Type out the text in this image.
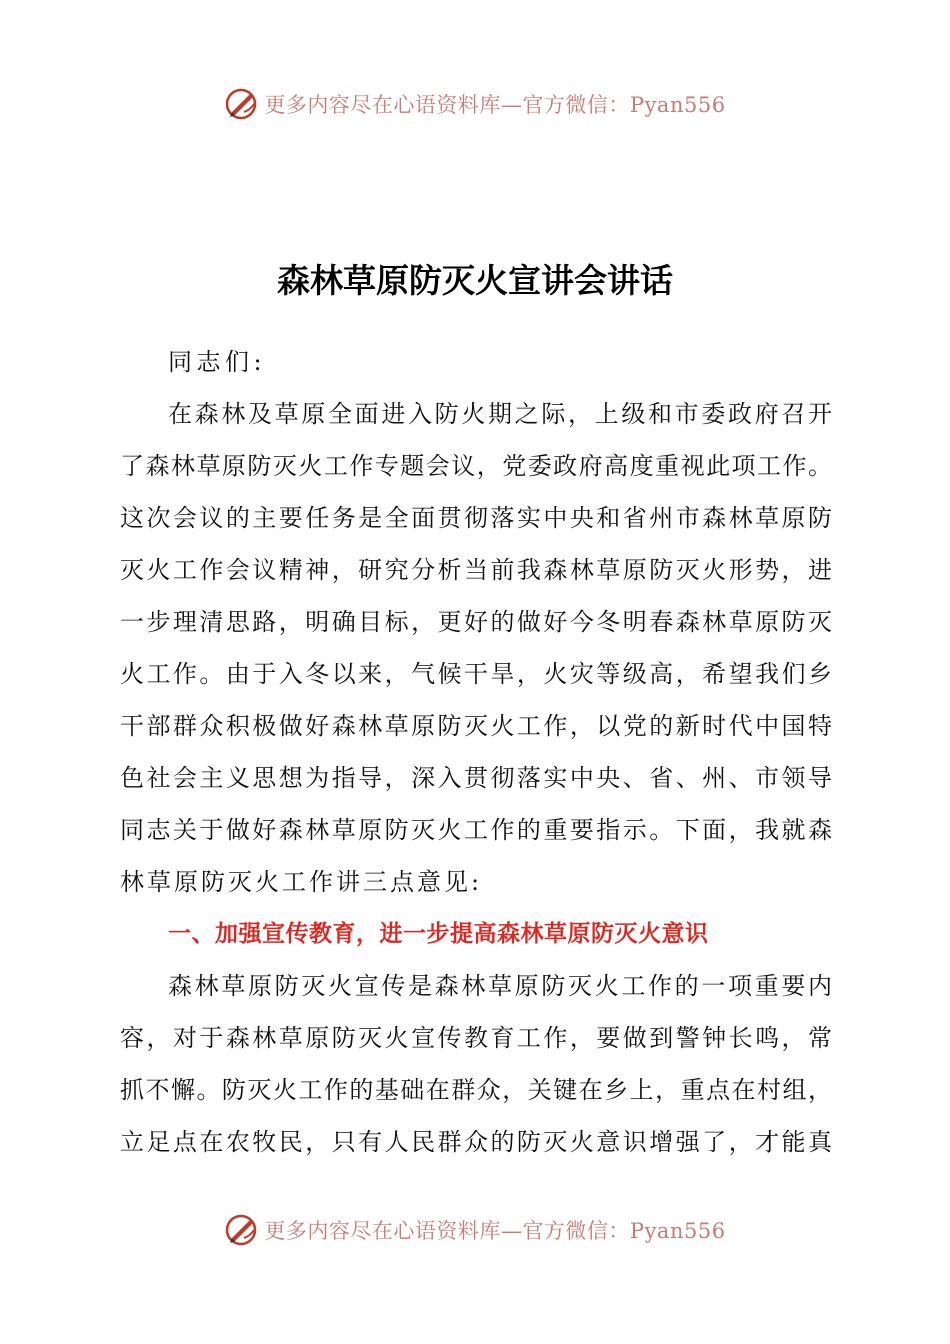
更多内容尽在心语资料库—官方微信：Pyan556
森林草原防灭火宣讲会讲话
同志们:
在森林及草原全面进入防火期之际，上级和市委政府召开
了森林草原防灭火工作专题会议，党委政府高度重视此项工作。
这次会议的主要任务是全面贯彻落实中央和省州市森林草原防
灭火工作会议精神，研究分析当前我森林草原防灭火形势，进
一步理清思路，明确目标，更好的做好今冬明春森林草原防灭
火工作。由于入冬以来，气候干旱，火灾等级高，希望我们乡
干部群众积极做好森林草原防灭火工作，以党的新时代中国特
色社会主义思想为指导，深入贯彻落实中央、省、州、市领导
同志关于做好森林草原防灭火工作的重要指示。下面，我就森
林草原防灭火工作讲三点意见:
一、加强宣传教育，进一步提高森林草原防灭火意识
森林草原防灭火宣传是森林草原防灭火工作的一项重要内
容，对于森林草原防灭火宣传教育工作，要做到警钟长鸣，常
抓不懈。防灭火工作的基础在群众，关键在乡上，重点在村组，
立足点在农牧民，只有人民群众的防灭火意识增强了，才能真
更多内容尽在心语资料库—官方微信：Pyan556
